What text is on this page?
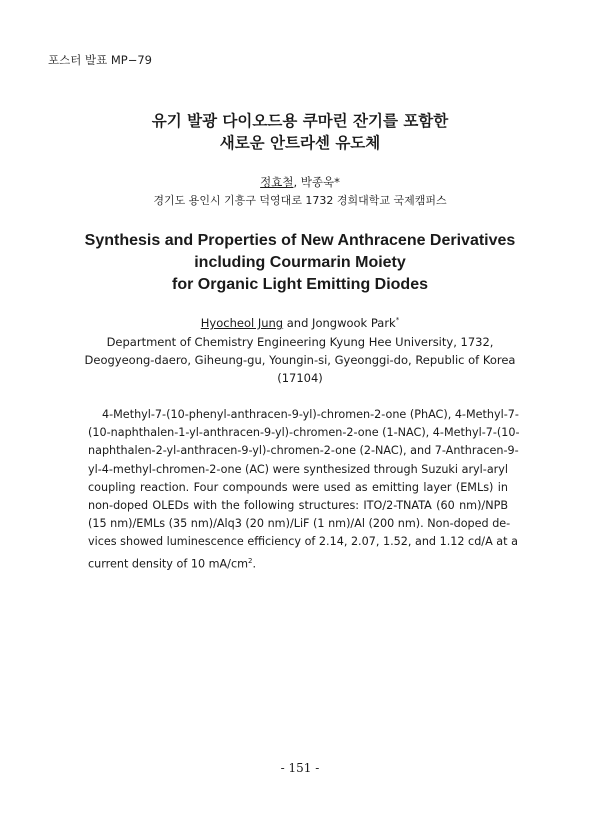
포스터 발표 MP−79
유기 발광 다이오드용 쿠마린 잔기를 포함한
새로운 안트라센 유도체
정효철, 박종욱*
경기도 용인시 기흥구 덕영대로 1732 경희대학교 국제캠퍼스
Synthesis and Properties of New Anthracene Derivatives
including Courmarin Moiety
for Organic Light Emitting Diodes
Hyocheol Jung and Jongwook Park*
Department of Chemistry Engineering Kyung Hee University, 1732,
Deogyeong-daero, Giheung-gu, Youngin-si, Gyeonggi-do, Republic of Korea
(17104)
4-Methyl-7-(10-phenyl-anthracen-9-yl)-chromen-2-one (PhAC), 4-Methyl-7-
(10-naphthalen-1-yl-anthracen-9-yl)-chromen-2-one (1-NAC), 4-Methyl-7-(10-
naphthalen-2-yl-anthracen-9-yl)-chromen-2-one (2-NAC), and 7-Anthracen-9-
yl-4-methyl-chromen-2-one (AC) were synthesized through Suzuki aryl-aryl
coupling reaction. Four compounds were used as emitting layer (EMLs) in
non-doped OLEDs with the following structures: ITO/2-TNATA (60 nm)/NPB
(15 nm)/EMLs (35 nm)/Alq3 (20 nm)/LiF (1 nm)/Al (200 nm). Non-doped de-
vices showed luminescence efficiency of 2.14, 2.07, 1.52, and 1.12 cd/A at a
current density of 10 $mA/cm^2$.
- 151 -
